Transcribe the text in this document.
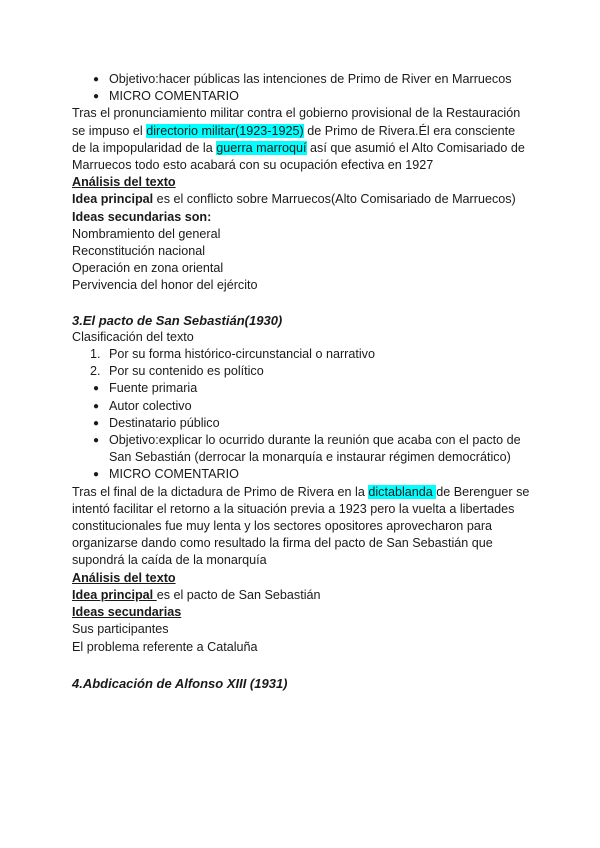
● Objetivo:hacer públicas las intenciones de Primo de River en Marruecos
● MICRO COMENTARIO

Tras el pronunciamiento militar contra el gobierno provisional de la Restauración se impuso el directorio militar(1923-1925) de Primo de Rivera.Él era consciente de la impopularidad de la guerra marroquí así que asumió el Alto Comisariado de Marruecos todo esto acabará con su ocupación efectiva en 1927

Análisis del texto

Idea principal es el conflicto sobre Marruecos(Alto Comisariado de Marruecos)

Ideas secundarias son:

Nombramiento del general

Reconstitución nacional

Operación en zona oriental

Pervivencia del honor del ejército

3.El pacto de San Sebastián(1930)

Clasificación del texto

1. Por su forma histórico-circunstancial o narrativo
2. Por su contenido es político
● Fuente primaria
● Autor colectivo
● Destinatario público
● Objetivo:explicar lo ocurrido durante la reunión que acaba con el pacto de San Sebastián (derrocar la monarquía e instaurar régimen democrático)
● MICRO COMENTARIO

Tras el final de la dictadura de Primo de Rivera en la dictablanda de Berenguer se intentó facilitar el retorno a la situación previa a 1923 pero la vuelta a libertades constitucionales fue muy lenta y los sectores opositores aprovecharon para organizarse dando como resultado la firma del pacto de San Sebastián que supondrá la caída de la monarquía

Análisis del texto

Idea principal es el pacto de San Sebastián

Ideas secundarias

Sus participantes

El problema referente a Cataluña

4.Abdicación de Alfonso XIII (1931)
